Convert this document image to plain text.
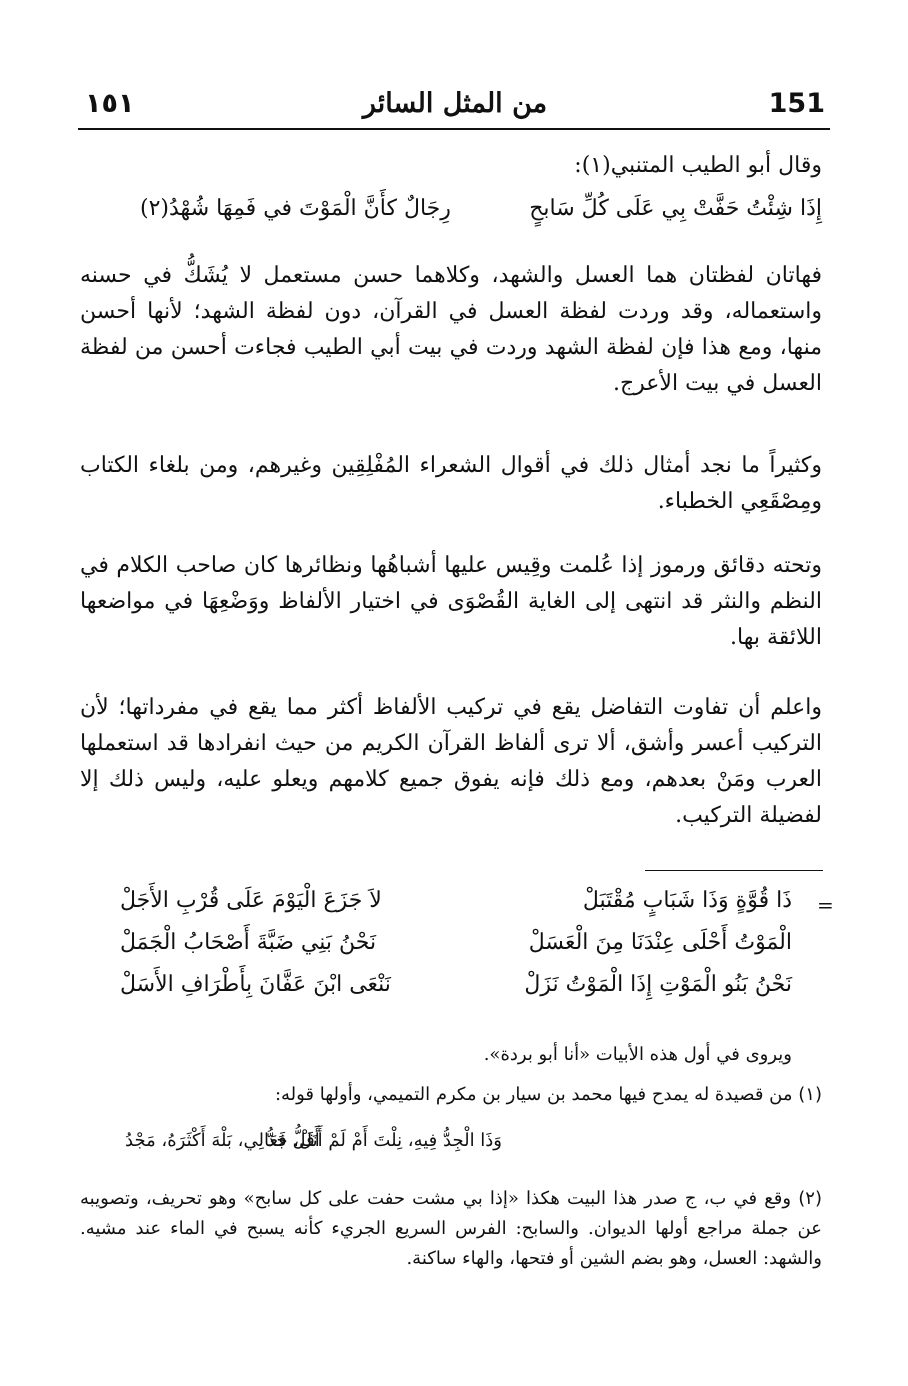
١٥١	من المثل السائر	151
وقال أبو الطيب المتنبي(١):
إِذَا شِئْتُ حَفَّتْ بِي عَلَى كُلِّ سَابحٍ
رِجَالٌ كأَنَّ الْمَوْتَ في فَمِهَا شُهْدُ(٢)
فهاتان لفظتان هما العسل والشهد، وكلاهما حسن مستعمل لا يُشَكُّ في حسنه واستعماله، وقد وردت لفظة العسل في القرآن، دون لفظة الشهد؛ لأنها أحسن منها، ومع هذا فإن لفظة الشهد وردت في بيت أبي الطيب فجاءت أحسن من لفظة العسل في بيت الأعرج.
وكثيراً ما نجد أمثال ذلك في أقوال الشعراء المُفْلِقِين وغيرهم، ومن بلغاء الكتاب ومِصْقَعِي الخطباء.
وتحته دقائق ورموز إذا عُلمت وقِيس عليها أشباهُها ونظائرها كان صاحب الكلام في النظم والنثر قد انتهى إلى الغاية القُصْوَى في اختيار الألفاظ ووَضْعِهَا في مواضعها اللائقة بها.
واعلم أن تفاوت التفاضل يقع في تركيب الألفاظ أكثر مما يقع في مفرداتها؛ لأن التركيب أعسر وأشق، ألا ترى ألفاظ القرآن الكريم من حيث انفرادها قد استعملها العرب ومَنْ بعدهم، ومع ذلك فإنه يفوق جميع كلامهم ويعلو عليه، وليس ذلك إلا لفضيلة التركيب.
=
ذَا قُوَّةٍ وَذَا شَبَابٍ مُقْتَبَلْ
لاَ جَزَعَ الْيَوْمَ عَلَى قُرْبِ الأَجَلْ
الْمَوْتُ أَحْلَى عِنْدَنَا مِنَ الْعَسَلْ
نَحْنُ بَنِي ضَبَّةَ أَصْحَابُ الْجَمَلْ
نَحْنُ بَنُو الْمَوْتِ إِذَا الْمَوْتُ نَزَلْ
نَنْعَى ابْنَ عَفَّانَ بِأَطْرَافِ الأَسَلْ
ويروى في أول هذه الأبيات «أنا أبو بردة».
(١) من قصيدة له يمدح فيها محمد بن سيار بن مكرم التميمي، وأولها قوله:
وَذَا الْجِدُّ فِيهِ، نِلْتَ أَمْ لَمْ أَنَلْ، جَدُّ
أَقَلُّ فَعَالِي، بَلْهَ أَكْثَرَهُ، مَجْدُ
(٢) وقع في ب، ج صدر هذا البيت هكذا «إذا بي مشت حفت على كل سابح» وهو تحريف، وتصويبه عن جملة مراجع أولها الديوان. والسابح: الفرس السريع الجريء كأنه يسبح في الماء عند مشيه. والشهد: العسل، وهو بضم الشين أو فتحها، والهاء ساكنة.
